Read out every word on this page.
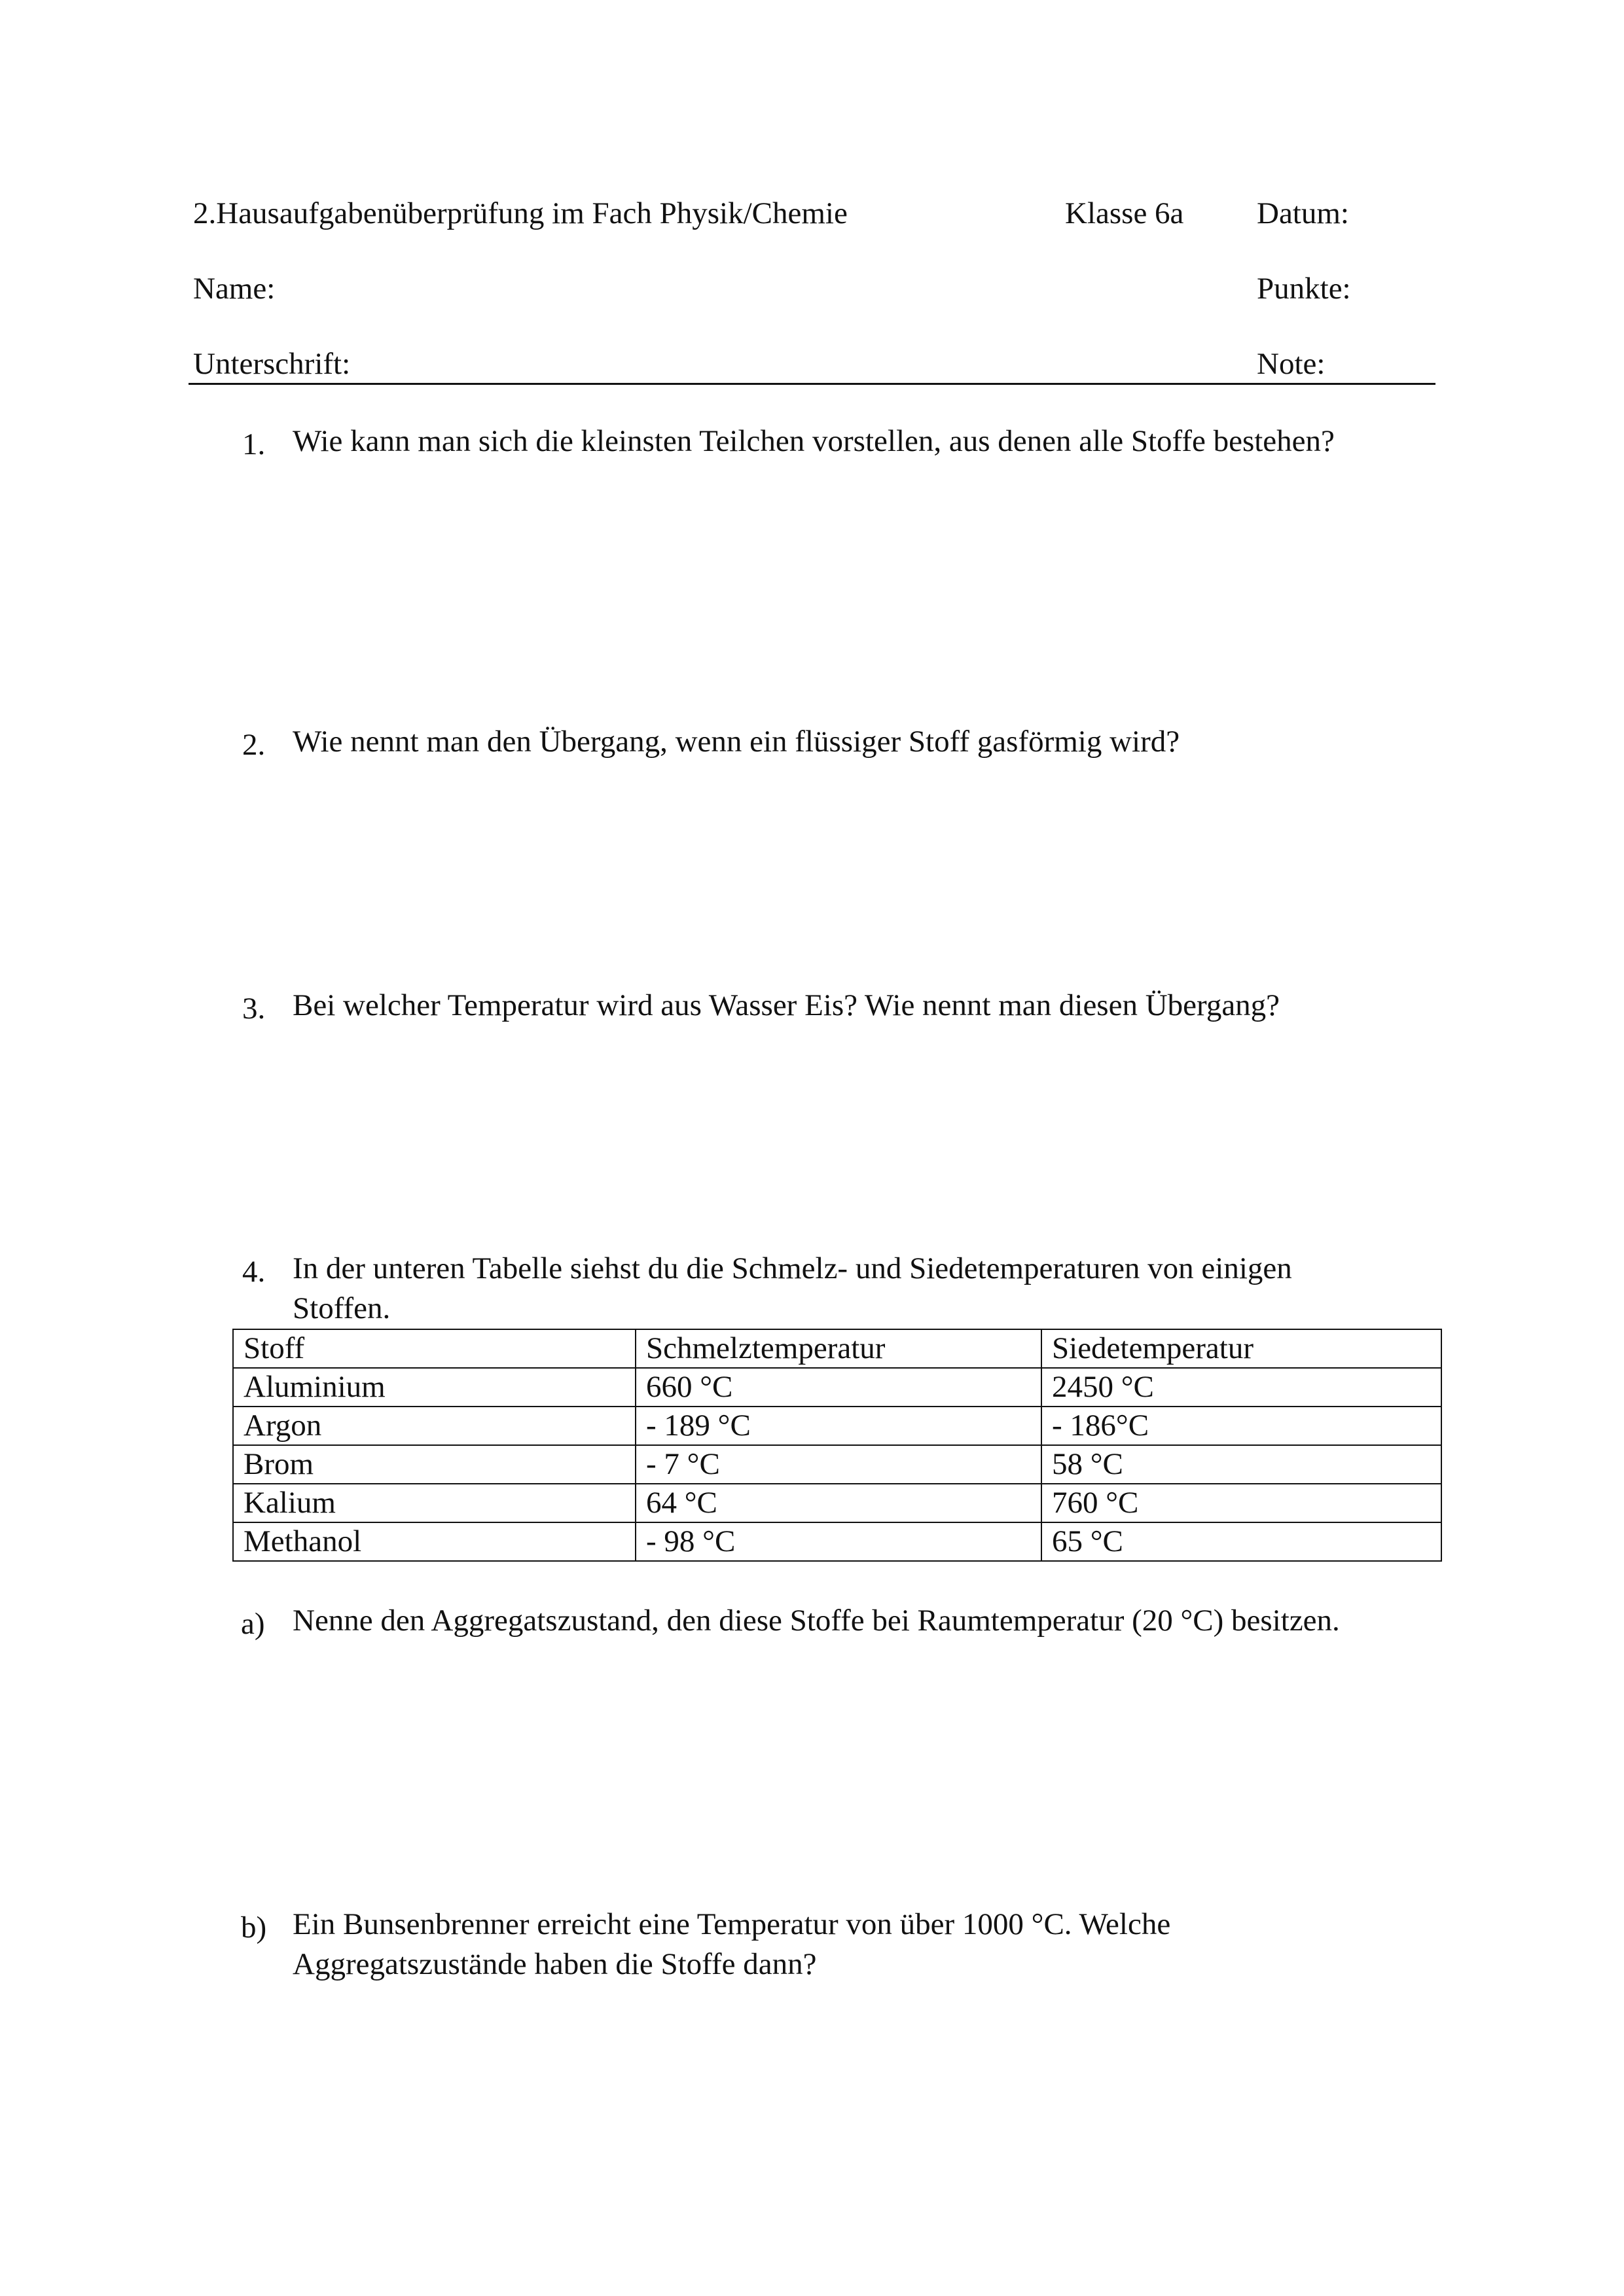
2.Hausaufgabenüberprüfung im Fach Physik/Chemie	Klasse 6a Datum:
Name:	Punkte:
Unterschrift:	Note:
1. Wie kann man sich die kleinsten Teilchen vorstellen, aus denen alle Stoffe bestehen?
2. Wie nennt man den Übergang, wenn ein flüssiger Stoff gasförmig wird?
3. Bei welcher Temperatur wird aus Wasser Eis? Wie nennt man diesen Übergang?
4. In der unteren Tabelle siehst du die Schmelz- und Siedetemperaturen von einigen
Stoffen.
Stoff	Schmelztemperatur	Siedetemperatur
Aluminium	660 °C	2450 °C
Argon	- 189 °C	- 186°C
Brom	- 7 °C	58 °C
Kalium	64 °C	760 °C
Methanol	- 98 °C	65 °C
a) Nenne den Aggregatszustand, den diese Stoffe bei Raumtemperatur (20 °C) besitzen.
b) Ein Bunsenbrenner erreicht eine Temperatur von über 1000 °C. Welche
Aggregatszustände haben die Stoffe dann?
